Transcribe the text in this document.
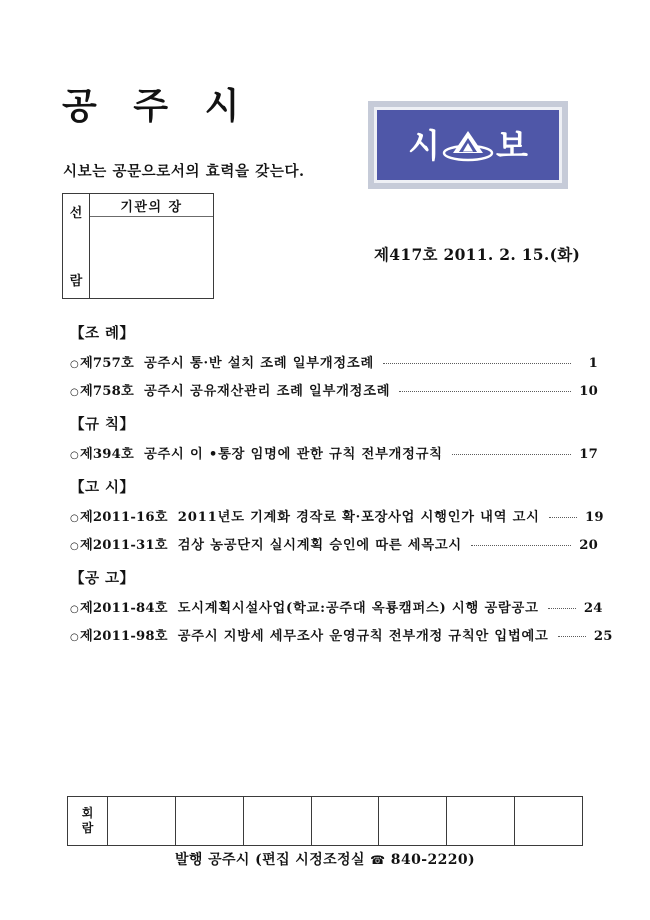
공 주 시
시보는 공문으로서의 효력을 갖는다.
시 보
선
람
기관의 장
제417호 2011. 2. 15.(화)
【조 례】
○ 제757호 공주시 통·반 설치 조례 일부개정조례	1
○ 제758호 공주시 공유재산관리 조례 일부개정조례	10
【규 칙】
○ 제394호 공주시 이 •통장 임명에 관한 규칙 전부개정규칙	17
【고 시】
○ 제2011-16호 2011년도 기계화 경작로 확·포장사업 시행인가 내역 고시	19
○ 제2011-31호 검상 농공단지 실시계획 승인에 따른 세목고시	20
【공 고】
○ 제2011-84호 도시계획시설사업(학교:공주대 옥룡캠퍼스) 시행 공람공고	24
○ 제2011-98호 공주시 지방세 세무조사 운영규칙 전부개정 규칙안 입법예고	25
회
람
발행 공주시 (편집 시정조정실 ☎ 840-2220)
